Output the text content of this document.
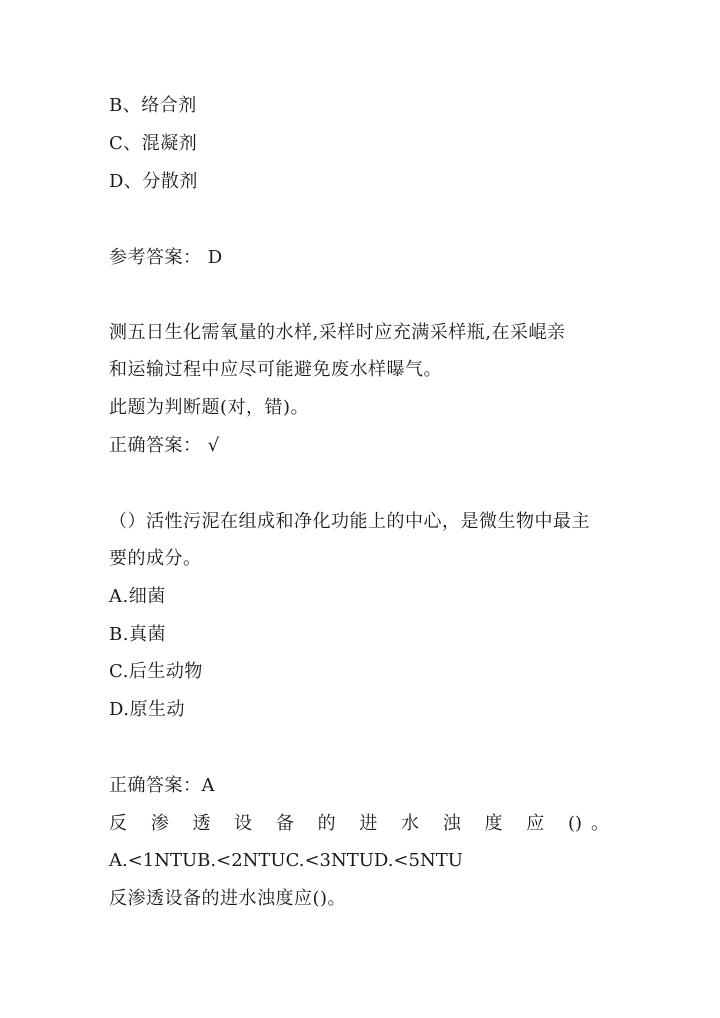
B、络合剂
C、混凝剂
D、分散剂
参考答案： D
测五日生化需氧量的水样,采样时应充满采样瓶,在采崐亲
和运输过程中应尽可能避免废水样曝气。
此题为判断题(对，错)。
正确答案： √
（）活性污泥在组成和净化功能上的中心，是微生物中最主
要的成分。
A.细菌
B.真菌
C.后生动物
D.原生动
正确答案：A
反 渗 透 设 备 的 进 水 浊 度 应 ()。
A.<1NTUB.<2NTUC.<3NTUD.<5NTU
反渗透设备的进水浊度应()。
